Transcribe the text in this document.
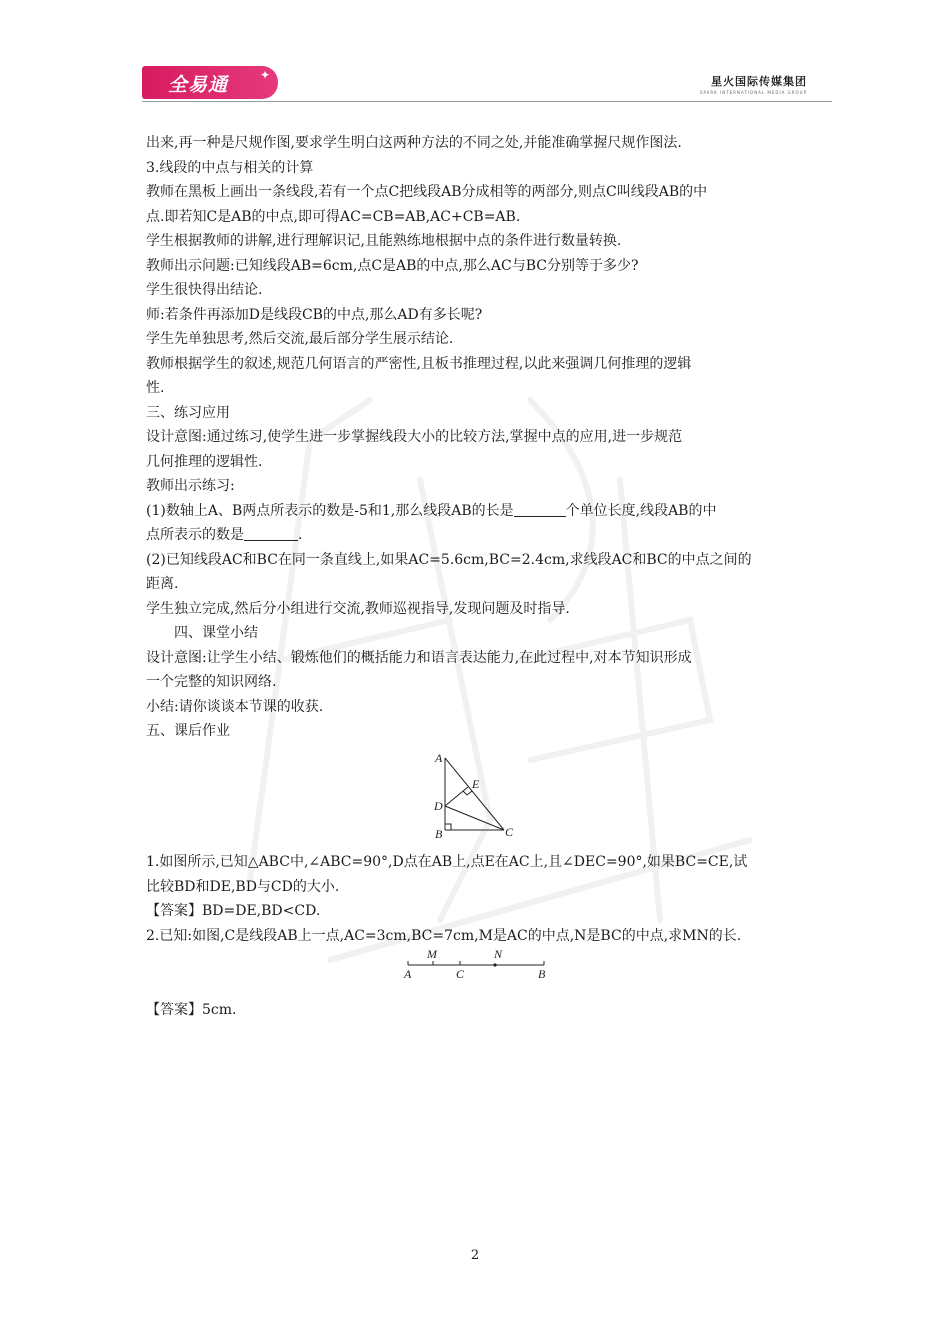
全易通	✦	星火国际传媒集团
SPARK INTERNATIONAL MEDIA GROUP

出来,再一种是尺规作图,要求学生明白这两种方法的不同之处,并能准确掌握尺规作图法.

3.线段的中点与相关的计算

教师在黑板上画出一条线段,若有一个点C把线段AB分成相等的两部分,则点C叫线段AB的中

点.即若知C是AB的中点,即可得AC=CB=AB,AC+CB=AB.

学生根据教师的讲解,进行理解识记,且能熟练地根据中点的条件进行数量转换.

教师出示问题:已知线段AB=6cm,点C是AB的中点,那么AC与BC分别等于多少?

学生很快得出结论.

师:若条件再添加D是线段CB的中点,那么AD有多长呢?

学生先单独思考,然后交流,最后部分学生展示结论.

教师根据学生的叙述,规范几何语言的严密性,且板书推理过程,以此来强调几何推理的逻辑

性.

三、练习应用

设计意图:通过练习,使学生进一步掌握线段大小的比较方法,掌握中点的应用,进一步规范

几何推理的逻辑性.

教师出示练习:

(1)数轴上A、B两点所表示的数是-5和1,那么线段AB的长是	个单位长度,线段AB的中

点所表示的数是	.

(2)已知线段AC和BC在同一条直线上,如果AC=5.6cm,BC=2.4cm,求线段AC和BC的中点之间的

距离.

学生独立完成,然后分小组进行交流,教师巡视指导,发现问题及时指导.

四、课堂小结

设计意图:让学生小结、锻炼他们的概括能力和语言表达能力,在此过程中,对本节知识形成

一个完整的知识网络.

小结:请你谈谈本节课的收获.

五、课后作业

A
E
D
B	C

1.如图所示,已知△ABC中,∠ABC=90°,D点在AB上,点E在AC上,且∠DEC=90°,如果BC=CE,试

比较BD和DE,BD与CD的大小.

【答案】BD=DE,BD<CD.

2.已知:如图,C是线段AB上一点,AC=3cm,BC=7cm,M是AC的中点,N是BC的中点,求MN的长.

M	N
A	C	B
【答案】5cm.
2
